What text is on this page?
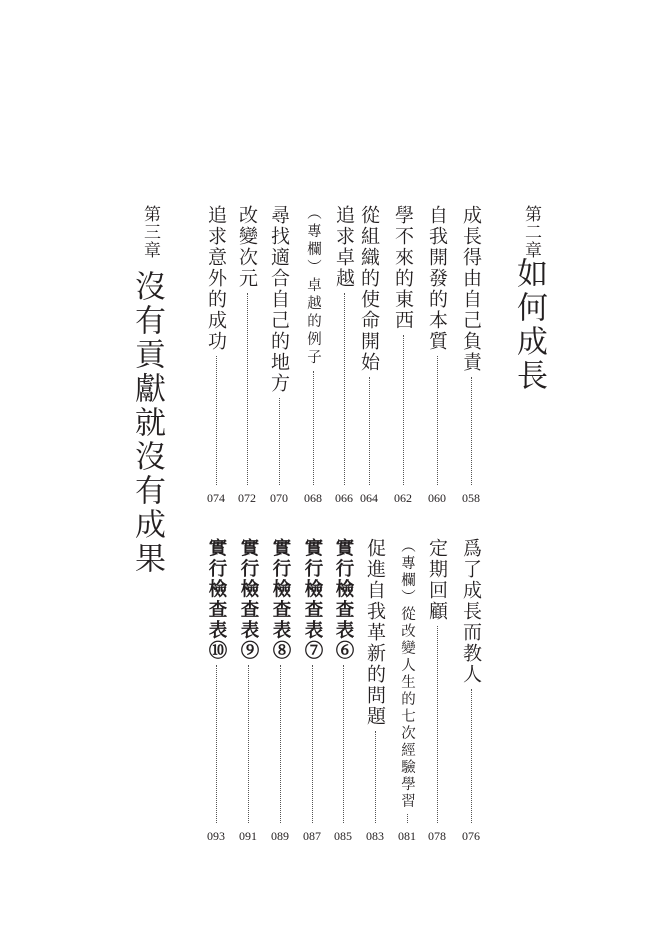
第二章
如何成長
成長得由自己負責
058
自我開發的本質
060
學不來的東西
062
從組織的使命開始
064
追求卓越
066
（專欄）卓越的例子
068
尋找適合自己的地方
070
改變次元
072
追求意外的成功
074
第三章
沒有貢獻就沒有成果
爲了成長而教人
076
定期回顧
078
（專欄）從改變人生的七次經驗學習
081
促進自我革新的問題
083
實行檢查表⑥
085
實行檢查表⑦
087
實行檢查表⑧
089
實行檢查表⑨
091
實行檢查表⑩
093
